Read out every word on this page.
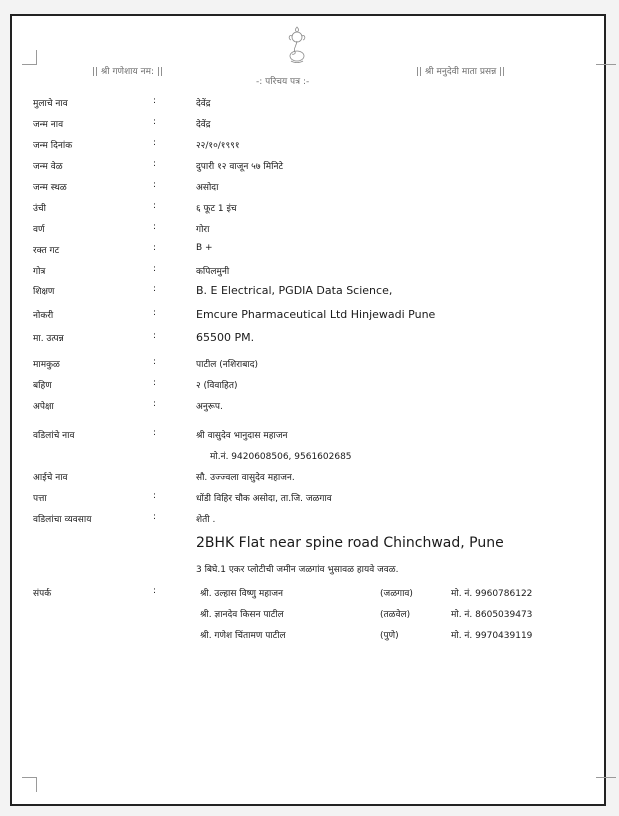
|| श्री गणेशाय नम: ||
-: परिचय पत्र :-
|| श्री मनुदेवी माता प्रसन्न ||
मुलाचे नाव	:	देवेंद्र
जन्म नाव	:	देवेंद्र
जन्म दिनांक	:	२२/१०/१९९१
जन्म वेळ	:	दुपारी १२ वाजून ५७ मिनिटे
जन्म स्थळ	:	असोदा
उंची	:	६ फूट 1 इंच
वर्ण	:	गोरा
रक्त गट	:	B +
गोत्र	:	कपिलमुनी
शिक्षण	:	B. E Electrical, PGDIA Data Science,
नोकरी	:	Emcure Pharmaceutical Ltd Hinjewadi Pune
मा. उत्पन्न	:	65500 PM.
मामकुळ	:	पाटील (नशिराबाद)
बहिण	:	२ (विवाहित)
अपेक्षा	:	अनुरूप.
वडिलांचे नाव	:	श्री वासुदेव भानुदास महाजन
मो.नं. 9420608506, 9561602685
आईचे नाव	सौ. उज्ज्वला वासुदेव महाजन.
पत्ता	:	धोंडी विहिर चौक असोदा, ता.जि. जळगाव
वडिलांचा व्यवसाय	:	शेती .
2BHK Flat near spine road Chinchwad, Pune
3 बिघे.1 एकर प्लोटीची जमीन जळगांव भुसावळ हायवे जवळ.
संपर्क	:	श्री. उल्हास विष्णु महाजन	(जळगाव)	मो. नं. 9960786122
श्री. ज्ञानदेव किसन पाटील	(तळवेल)	मो. नं. 8605039473
श्री. गणेश चिंतामण पाटील	(पुणे)	मो. नं. 9970439119
